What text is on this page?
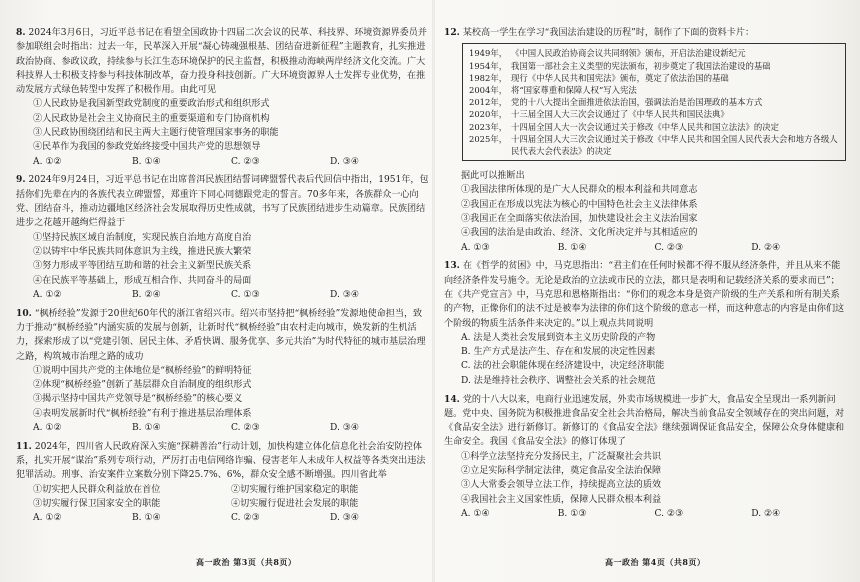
8. 2024年3月6日，习近平总书记在看望全国政协十四届二次会议的民革、科技界、环境资源界委员并参加联组会时指出：过去一年，民革深入开展“凝心铸魂强根基、团结奋进新征程”主题教育，扎实推进政治协商、参政议政，持续参与长江生态环境保护的民主监督，积极推动海峡两岸经济文化交流。广大科技界人士积极支持参与科技体制改革，奋力投身科技创新。广大环境资源界人士发挥专业优势，在推动发展方式绿色转型中发挥了积极作用。由此可见

①人民政协是我国新型政党制度的重要政治形式和组织形式
②人民政协是社会主义协商民主的重要渠道和专门协商机构
③人民政协围绕团结和民主两大主题行使管理国家事务的职能
④民革作为我国的参政党始终接受中国共产党的思想领导
A. ①②	B. ①④	C. ②③	D. ③④

9. 2024年9月24日，习近平总书记在出席普洱民族团结誓词碑盟誓代表后代回信中指出，1951年，包括你们先辈在内的各族代表立碑盟誓，郑重许下同心同德跟党走的誓言。70多年来，各族群众一心向党、团结奋斗，推动边疆地区经济社会发展取得历史性成就，书写了民族团结进步生动篇章。民族团结进步之花越开越绚烂得益于

①坚持民族区域自治制度，实现民族自治地方高度自治
②以铸牢中华民族共同体意识为主线，推进民族大繁荣
③努力形成平等团结互助和谐的社会主义新型民族关系
④在民族平等基础上，形成互相合作、共同奋斗的局面
A. ①②	B. ②④	C. ①③	D. ③④

10. “枫桥经验”发源于20世纪60年代的浙江省绍兴市。绍兴市坚持把“枫桥经验”发源地使命担当，致力于推动“枫桥经验”内涵实质的发展与创新，让新时代“枫桥经验”由农村走向城市，焕发新的生机活力，探索形成了以“党建引领、居民主体、矛盾快调、服务优享、多元共治”为时代特征的城市基层治理之路，构筑城市治理之路的成功

①说明中国共产党的主体地位是“枫桥经验”的鲜明特征
②体现“枫桥经验”创新了基层群众自治制度的组织形式
③揭示坚持中国共产党领导是“枫桥经验”的核心要义
④表明发展新时代“枫桥经验”有利于推进基层治理体系
A. ①②	B. ①④	C. ②③	D. ③④

11. 2024年，四川省人民政府深入实施“探耕善治”行动计划，加快构建立体化信息化社会治安防控体系，扎实开展“谋治”系列专项行动，严厉打击电信网络诈骗、侵害老年人未成年人权益等各类突出违法犯罪活动。刑事、治安案件立案数分别下降25.7%、6%，群众安全感不断增强。四川省此举

①切实把人民群众利益放在首位	②切实履行维护国家稳定的职能
③切实履行保卫国家安全的职能	④切实履行促进社会发展的职能
A. ①②	B. ①④	C. ②③	D. ③④
高一政治 第3页（共8页）

12. 某校高一学生在学习“我国法治建设的历程”时，制作了下面的资料卡片：

1949年， 《中国人民政治协商会议共同纲领》颁布，开启法治建设新纪元
1954年， 我国第一部社会主义类型的宪法颁布，初步奠定了我国法治建设的基础
1982年， 现行《中华人民共和国宪法》颁布，奠定了依法治国的基础
2004年， 将“国家尊重和保障人权”写入宪法
2012年， 党的十八大提出全面推进依法治国，强调法治是治国理政的基本方式
2020年， 十三届全国人大三次会议通过了《中华人民共和国民法典》
2023年， 十四届全国人大一次会议通过关于修改《中华人民共和国立法法》的决定
2025年， 十四届全国人大三次会议通过关于修改《中华人民共和国全国人民代表大会和地方各级人民代表大会代表法》的决定
据此可以推断出
①我国法律所体现的是广大人民群众的根本利益和共同意志
②我国正在形成以宪法为核心的中国特色社会主义法律体系
③我国正在全面落实依法治国，加快建设社会主义法治国家
④我国的法治是由政治、经济、文化所决定并与其相适应的
A. ①③	B. ①④	C. ②③	D. ②④

13. 在《哲学的贫困》中，马克思指出：“君主们在任何时候都不得不服从经济条件，并且从来不能向经济条件发号施令。无论是政治的立法或市民的立法，都只是表明和记载经济关系的要求而已”；在《共产党宣言》中，马克思和恩格斯指出：“你们的观念本身是资产阶级的生产关系和所有制关系的产物，正像你们的法不过是被奉为法律的你们这个阶级的意志一样，而这种意志的内容是由你们这个阶级的物质生活条件来决定的。”以上观点共同说明

A. 法是人类社会发展到资本主义历史阶段的产物
B. 生产方式是法产生、存在和发展的决定性因素
C. 法的社会职能体现在经济建设中，决定经济职能
D. 法是维持社会秩序、调整社会关系的社会规范

14. 党的十八大以来，电商行业迅速发展，外卖市场规模进一步扩大，食品安全呈现出一系列新问题。党中央、国务院为积极推进食品安全社会共治格局，解决当前食品安全领域存在的突出问题，对《食品安全法》进行新修订。新修订的《食品安全法》继续强调保证食品安全，保障公众身体健康和生命安全。我国《食品安全法》的修订体现了

①科学立法坚持充分发扬民主，广泛凝聚社会共识
②立足实际科学制定法律，奠定食品安全法治保障
③人大常委会领导立法工作，持续提高立法的质效
④我国社会主义国家性质，保障人民群众根本利益
A. ①④	B. ①③	C. ②③	D. ②④
高一政治 第4页（共8页）
